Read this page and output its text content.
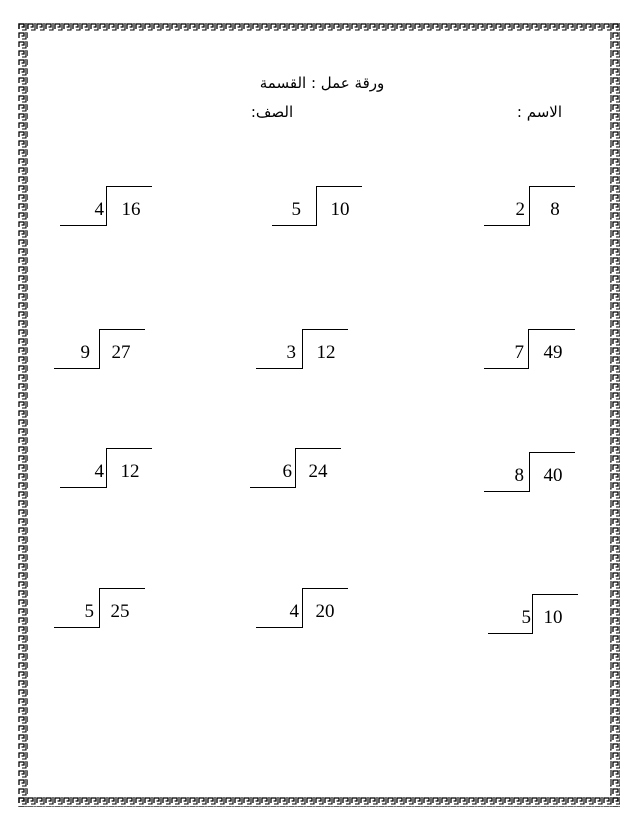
ورقة عمل : القسمة
الاسم :
الصف:
4 16	5	10	2	8
9	27	3	12	7	49
4 12	6 24	8	40
5 25	4 20	5 10
